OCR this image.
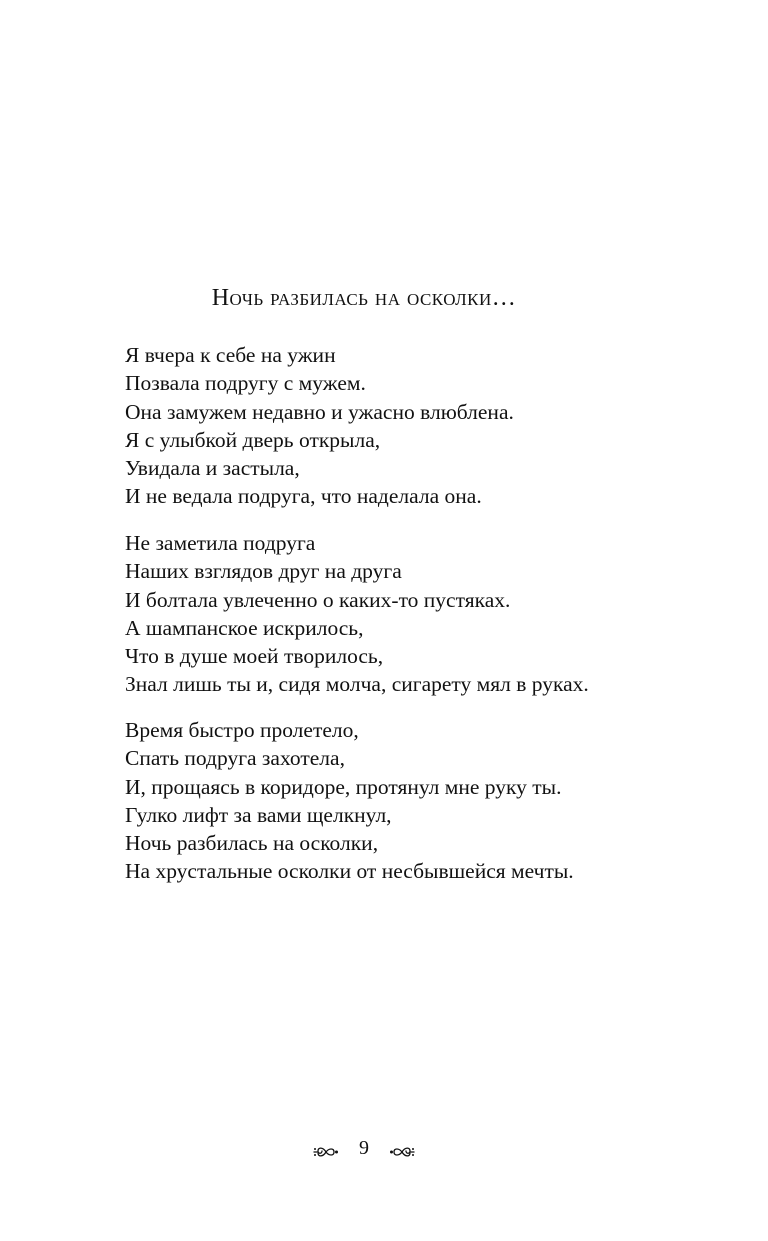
Ночь разбилась на осколки…
Я вчера к себе на ужин
Позвала подругу с мужем.
Она замужем недавно и ужасно влюблена.
Я с улыбкой дверь открыла,
Увидала и застыла,
И не ведала подруга, что наделала она.
Не заметила подруга
Наших взглядов друг на друга
И болтала увлеченно о каких-то пустяках.
А шампанское искрилось,
Что в душе моей творилось,
Знал лишь ты и, сидя молча, сигарету мял в руках.
Время быстро пролетело,
Спать подруга захотела,
И, прощаясь в коридоре, протянул мне руку ты.
Гулко лифт за вами щелкнул,
Ночь разбилась на осколки,
На хрустальные осколки от несбывшейся мечты.
9
